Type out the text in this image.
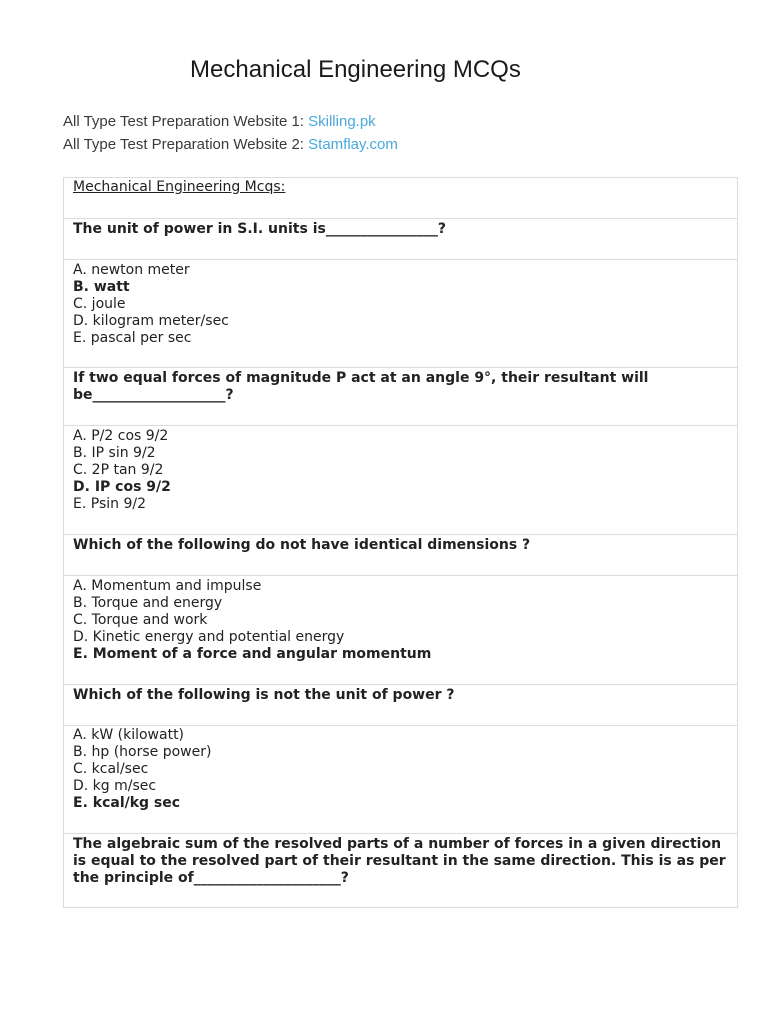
Mechanical Engineering MCQs
All Type Test Preparation Website 1: Skilling.pk
All Type Test Preparation Website 2: Stamflay.com
Mechanical Engineering Mcqs:

The unit of power in S.I. units is________________?

A. newton meter
B. watt
C. joule
D. kilogram meter/sec
E. pascal per sec

If two equal forces of magnitude P act at an angle 9°, their resultant will be___________________?

A. P/2 cos 9/2
B. IP sin 9/2
C. 2P tan 9/2
D. IP cos 9/2
E. Psin 9/2

Which of the following do not have identical dimensions ?

A. Momentum and impulse
B. Torque and energy
C. Torque and work
D. Kinetic energy and potential energy
E. Moment of a force and angular momentum

Which of the following is not the unit of power ?

A. kW (kilowatt)
B. hp (horse power)
C. kcal/sec
D. kg m/sec
E. kcal/kg sec

The algebraic sum of the resolved parts of a number of forces in a given direction is equal to the resolved part of their resultant in the same direction. This is as per the principle of_____________________?
